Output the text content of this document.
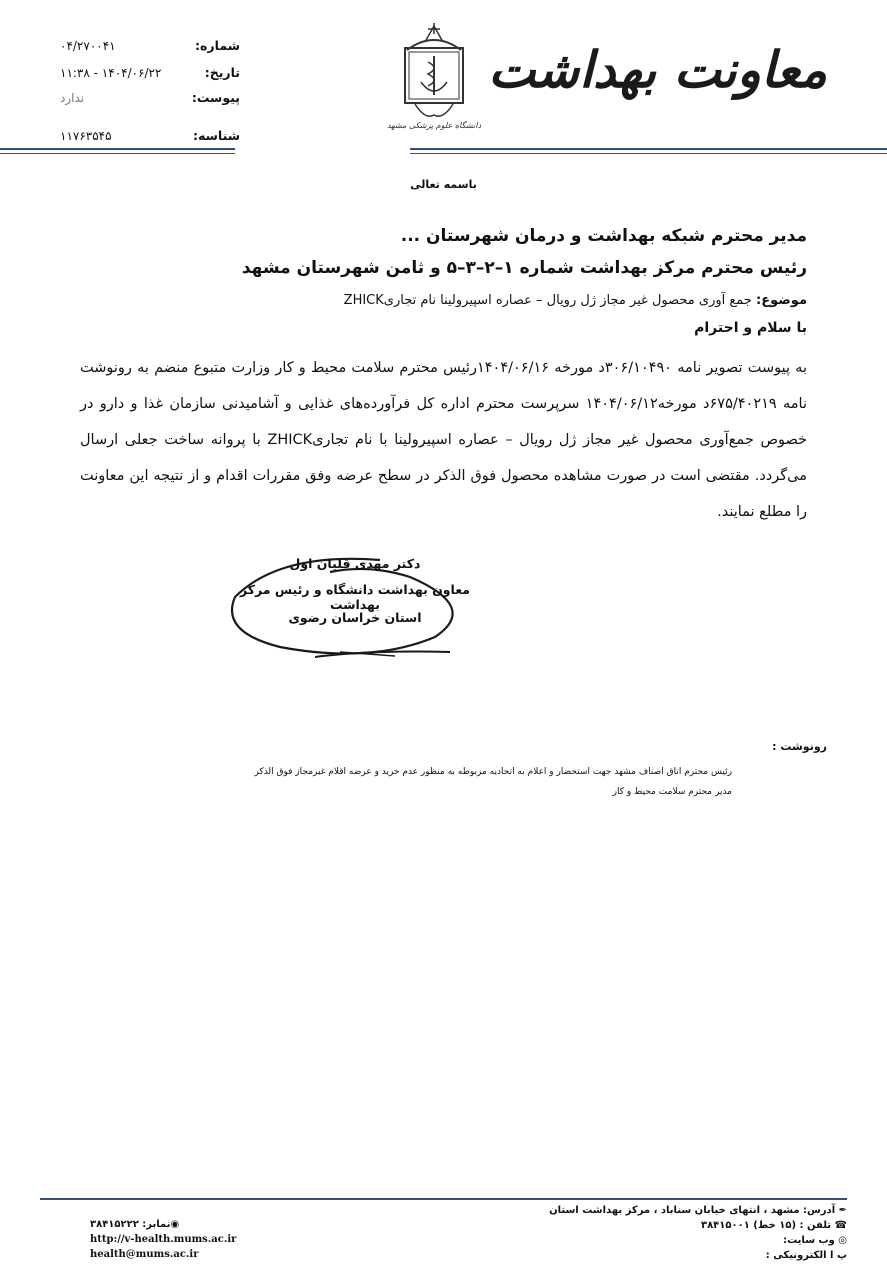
معاونت بهداشت
دانشگاه علوم پزشکی مشهد
شماره:
۰۴/۲۷۰۰۴۱
تاریخ:
۱۴۰۴/۰۶/۲۲ - ۱۱:۳۸
پیوست:
ندارد
شناسه:
۱۱۷۶۳۵۴۵
باسمه تعالی
مدیر محترم شبکه بهداشت و درمان شهرستان ...
رئیس محترم مرکز بهداشت شماره ۱–۲–۳–۵ و ثامن شهرستان مشهد
موضوع: جمع آوری محصول غیر مجاز ژل رویال – عصاره اسپیرولینا نام تجاریZHICK
با سلام و احترام
به پیوست تصویر نامه ۳۰۶/۱۰۴۹۰د مورخه ۱۴۰۴/۰۶/۱۶رئیس محترم سلامت محیط و کار وزارت متبوع منضم به رونوشت نامه ۶۷۵/۴۰۲۱۹د مورخه۱۴۰۴/۰۶/۱۲ سرپرست محترم اداره کل فرآورده‌های غذایی و آشامیدنی سازمان غذا و دارو در خصوص جمع‌آوری محصول غیر مجاز ژل رویال – عصاره اسپیرولینا با نام تجاریZHICK با پروانه ساخت جعلی ارسال می‌گردد. مقتضی است در صورت مشاهده محصول فوق الذکر در سطح عرضه وفق مقررات اقدام و از نتیجه این معاونت را مطلع نمایند.
دکتر مهدی قلیان اول
معاون بهداشت دانشگاه و رئیس مرکز بهداشت
استان خراسان رضوی
رونوشت :
رئیس محترم اتاق اصناف مشهد جهت استحضار و اعلام به اتحادیه مربوطه به منظور عدم خرید و عرضه اقلام غیرمجاز فوق الذکر
مدیر محترم سلامت محیط و کار
✒ آدرس: مشهد ، انتهای خیابان سناباد ، مرکز بهداشت استان
☎ تلفن : (۱۵ خط) ۳۸۴۱۵۰۰۱
◎ وب سایت:
پ ا الکترونیکی :
◉نمابر: ۳۸۴۱۵۲۲۲
http://v-health.mums.ac.ir
health@mums.ac.ir
